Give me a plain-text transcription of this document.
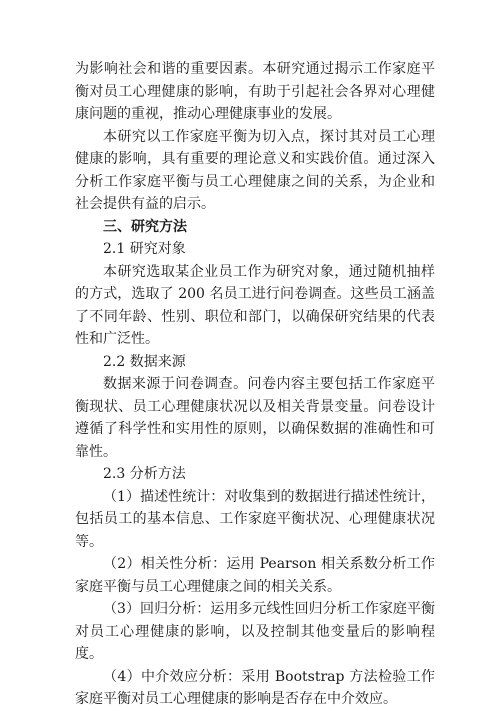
为影响社会和谐的重要因素。本研究通过揭示工作家庭平衡对员工心理健康的影响，有助于引起社会各界对心理健康问题的重视，推动心理健康事业的发展。

本研究以工作家庭平衡为切入点，探讨其对员工心理健康的影响，具有重要的理论意义和实践价值。通过深入分析工作家庭平衡与员工心理健康之间的关系，为企业和社会提供有益的启示。

三、研究方法

2.1 研究对象

本研究选取某企业员工作为研究对象，通过随机抽样的方式，选取了 200 名员工进行问卷调查。这些员工涵盖了不同年龄、性别、职位和部门，以确保研究结果的代表性和广泛性。

2.2 数据来源

数据来源于问卷调查。问卷内容主要包括工作家庭平衡现状、员工心理健康状况以及相关背景变量。问卷设计遵循了科学性和实用性的原则，以确保数据的准确性和可靠性。

2.3 分析方法

（1）描述性统计：对收集到的数据进行描述性统计，包括员工的基本信息、工作家庭平衡状况、心理健康状况等。

（2）相关性分析：运用 Pearson 相关系数分析工作家庭平衡与员工心理健康之间的相关关系。

（3）回归分析：运用多元线性回归分析工作家庭平衡对员工心理健康的影响，以及控制其他变量后的影响程度。

（4）中介效应分析：采用 Bootstrap 方法检验工作家庭平衡对员工心理健康的影响是否存在中介效应。
